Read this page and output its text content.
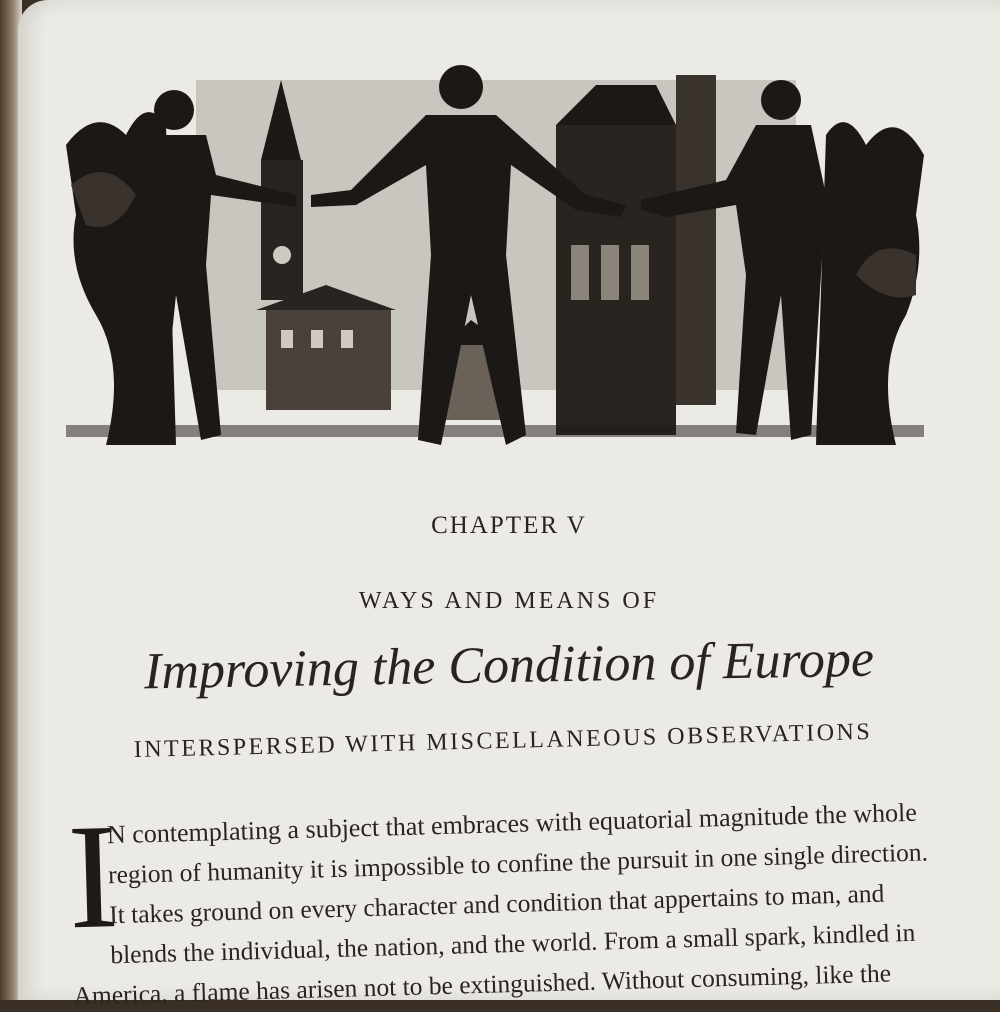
CHAPTER V
WAYS AND MEANS OF
Improving the Condition of Europe
INTERSPERSED WITH MISCELLANEOUS OBSERVATIONS
I
N contemplating a subject that embraces with equatorial magnitude the whole
region of humanity it is impossible to confine the pursuit in one single direction.
It takes ground on every character and condition that appertains to man, and
blends the individual, the nation, and the world. From a small spark, kindled in
America, a flame has arisen not to be extinguished. Without consuming, like the
